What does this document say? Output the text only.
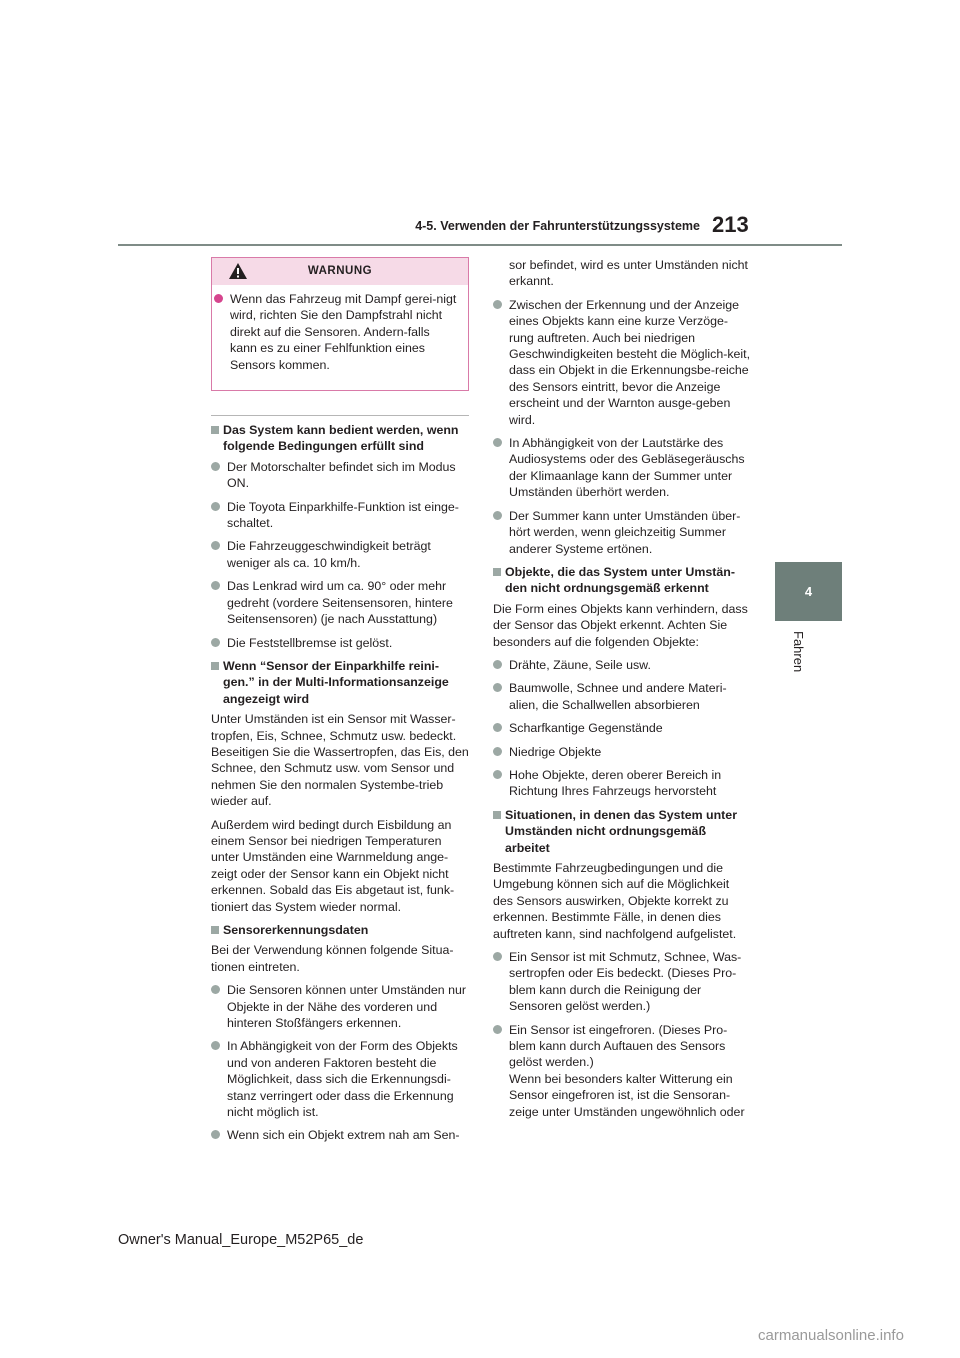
4-5. Verwenden der Fahrunterstützungssysteme 213
4
Fahren
WARNUNG
Wenn das Fahrzeug mit Dampf gerei-nigt wird, richten Sie den Dampfstrahl nicht direkt auf die Sensoren. Andern-falls kann es zu einer Fehlfunktion eines Sensors kommen.
Das System kann bedient werden, wenn folgende Bedingungen erfüllt sind
Der Motorschalter befindet sich im Modus ON.
Die Toyota Einparkhilfe-Funktion ist einge-schaltet.
Die Fahrzeuggeschwindigkeit beträgt weniger als ca. 10 km/h.
Das Lenkrad wird um ca. 90° oder mehr gedreht (vordere Seitensensoren, hintere Seitensensoren) (je nach Ausstattung)
Die Feststellbremse ist gelöst.
Wenn “Sensor der Einparkhilfe reini-gen.” in der Multi-Informationsanzeige angezeigt wird
Unter Umständen ist ein Sensor mit Wasser-tropfen, Eis, Schnee, Schmutz usw. bedeckt. Beseitigen Sie die Wassertropfen, das Eis, den Schnee, den Schmutz usw. vom Sensor und nehmen Sie den normalen Systembe-trieb wieder auf.
Außerdem wird bedingt durch Eisbildung an einem Sensor bei niedrigen Temperaturen unter Umständen eine Warnmeldung ange-zeigt oder der Sensor kann ein Objekt nicht erkennen. Sobald das Eis abgetaut ist, funk-tioniert das System wieder normal.
Sensorerkennungsdaten
Bei der Verwendung können folgende Situa-tionen eintreten.
Die Sensoren können unter Umständen nur Objekte in der Nähe des vorderen und hinteren Stoßfängers erkennen.
In Abhängigkeit von der Form des Objekts und von anderen Faktoren besteht die Möglichkeit, dass sich die Erkennungsdi-stanz verringert oder dass die Erkennung nicht möglich ist.
Wenn sich ein Objekt extrem nah am Sen-
sor befindet, wird es unter Umständen nicht erkannt.
Zwischen der Erkennung und der Anzeige eines Objekts kann eine kurze Verzöge-rung auftreten. Auch bei niedrigen Geschwindigkeiten besteht die Möglich-keit, dass ein Objekt in die Erkennungsbe-reiche des Sensors eintritt, bevor die Anzeige erscheint und der Warnton ausge-geben wird.
In Abhängigkeit von der Lautstärke des Audiosystems oder des Gebläsegeräuschs der Klimaanlage kann der Summer unter Umständen überhört werden.
Der Summer kann unter Umständen über-hört werden, wenn gleichzeitig Summer anderer Systeme ertönen.
Objekte, die das System unter Umstän-den nicht ordnungsgemäß erkennt
Die Form eines Objekts kann verhindern, dass der Sensor das Objekt erkennt. Achten Sie besonders auf die folgenden Objekte:
Drähte, Zäune, Seile usw.
Baumwolle, Schnee und andere Materi-alien, die Schallwellen absorbieren
Scharfkantige Gegenstände
Niedrige Objekte
Hohe Objekte, deren oberer Bereich in Richtung Ihres Fahrzeugs hervorsteht
Situationen, in denen das System unter Umständen nicht ordnungsgemäß arbeitet
Bestimmte Fahrzeugbedingungen und die Umgebung können sich auf die Möglichkeit des Sensors auswirken, Objekte korrekt zu erkennen. Bestimmte Fälle, in denen dies auftreten kann, sind nachfolgend aufgelistet.
Ein Sensor ist mit Schmutz, Schnee, Was-sertropfen oder Eis bedeckt. (Dieses Pro-blem kann durch die Reinigung der Sensoren gelöst werden.)
Ein Sensor ist eingefroren. (Dieses Pro-blem kann durch Auftauen des Sensors gelöst werden.)
Wenn bei besonders kalter Witterung ein Sensor eingefroren ist, ist die Sensoran-zeige unter Umständen ungewöhnlich oder
Owner's Manual_Europe_M52P65_de
carmanualsonline.info
